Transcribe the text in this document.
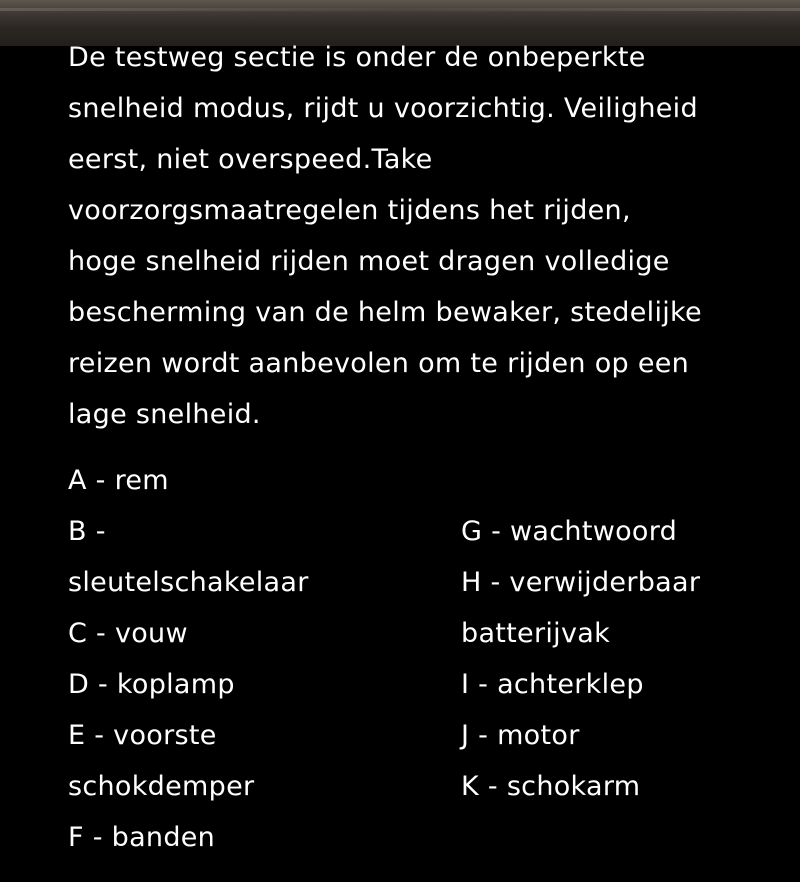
De testweg sectie is onder de onbeperkte
snelheid modus, rijdt u voorzichtig. Veiligheid
eerst, niet overspeed.Take
voorzorgsmaatregelen tijdens het rijden,
hoge snelheid rijden moet dragen volledige
bescherming van de helm bewaker, stedelijke
reizen wordt aanbevolen om te rijden op een
lage snelheid.

A - rem
B -
sleutelschakelaar
C - vouw
D - koplamp
E - voorste
schokdemper
F - banden
G - wachtwoord
H - verwijderbaar
batterijvak
I - achterklep
J - motor
K - schokarm
